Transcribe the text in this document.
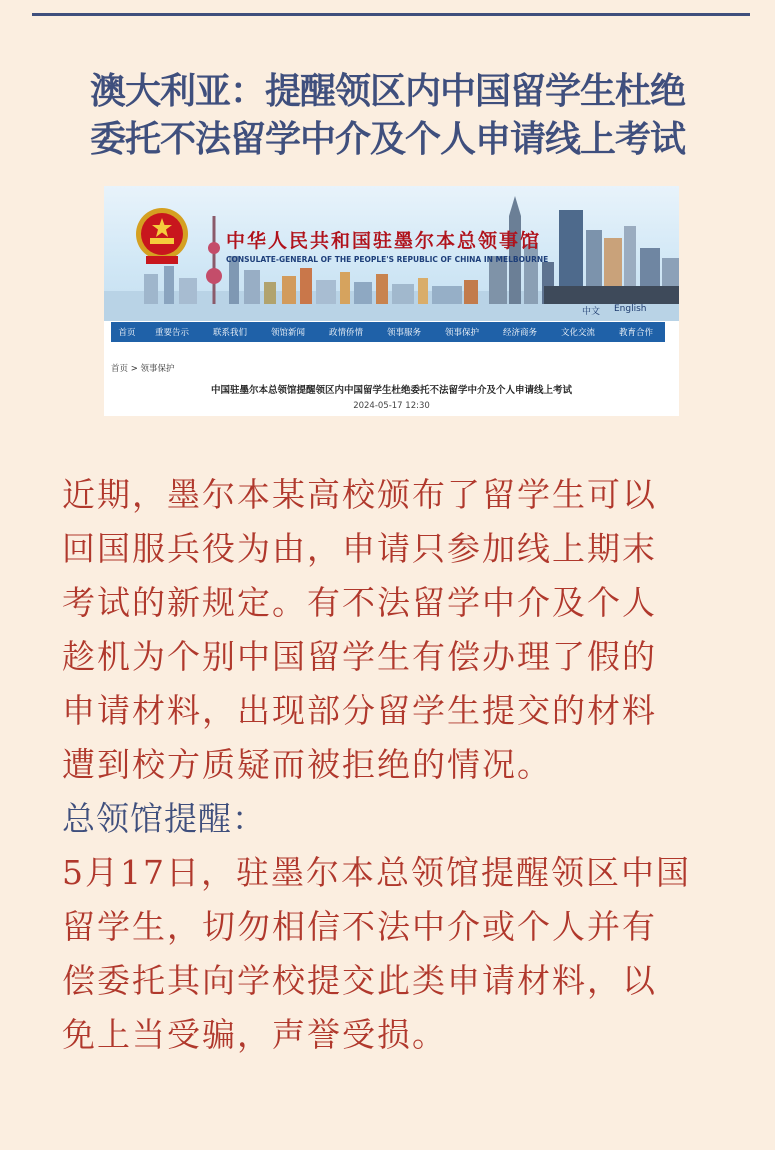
澳大利亚：提醒领区内中国留学生杜绝
委托不法留学中介及个人申请线上考试
中华人民共和国驻墨尔本总领事馆
CONSULATE-GENERAL OF THE PEOPLE'S REPUBLIC OF CHINA IN MELBOURNE
中文 English
首页	重要告示	联系我们	领馆新闻	政情侨情	领事服务	领事保护	经济商务	文化交流	教育合作
首页 > 领事保护
中国驻墨尔本总领馆提醒领区内中国留学生杜绝委托不法留学中介及个人申请线上考试
2024-05-17 12:30
近期，墨尔本某高校颁布了留学生可以
回国服兵役为由，申请只参加线上期末
考试的新规定。有不法留学中介及个人
趁机为个别中国留学生有偿办理了假的
申请材料，出现部分留学生提交的材料
遭到校方质疑而被拒绝的情况。
总领馆提醒：
5月17日，驻墨尔本总领馆提醒领区中国
留学生，切勿相信不法中介或个人并有
偿委托其向学校提交此类申请材料，以
免上当受骗，声誉受损。
